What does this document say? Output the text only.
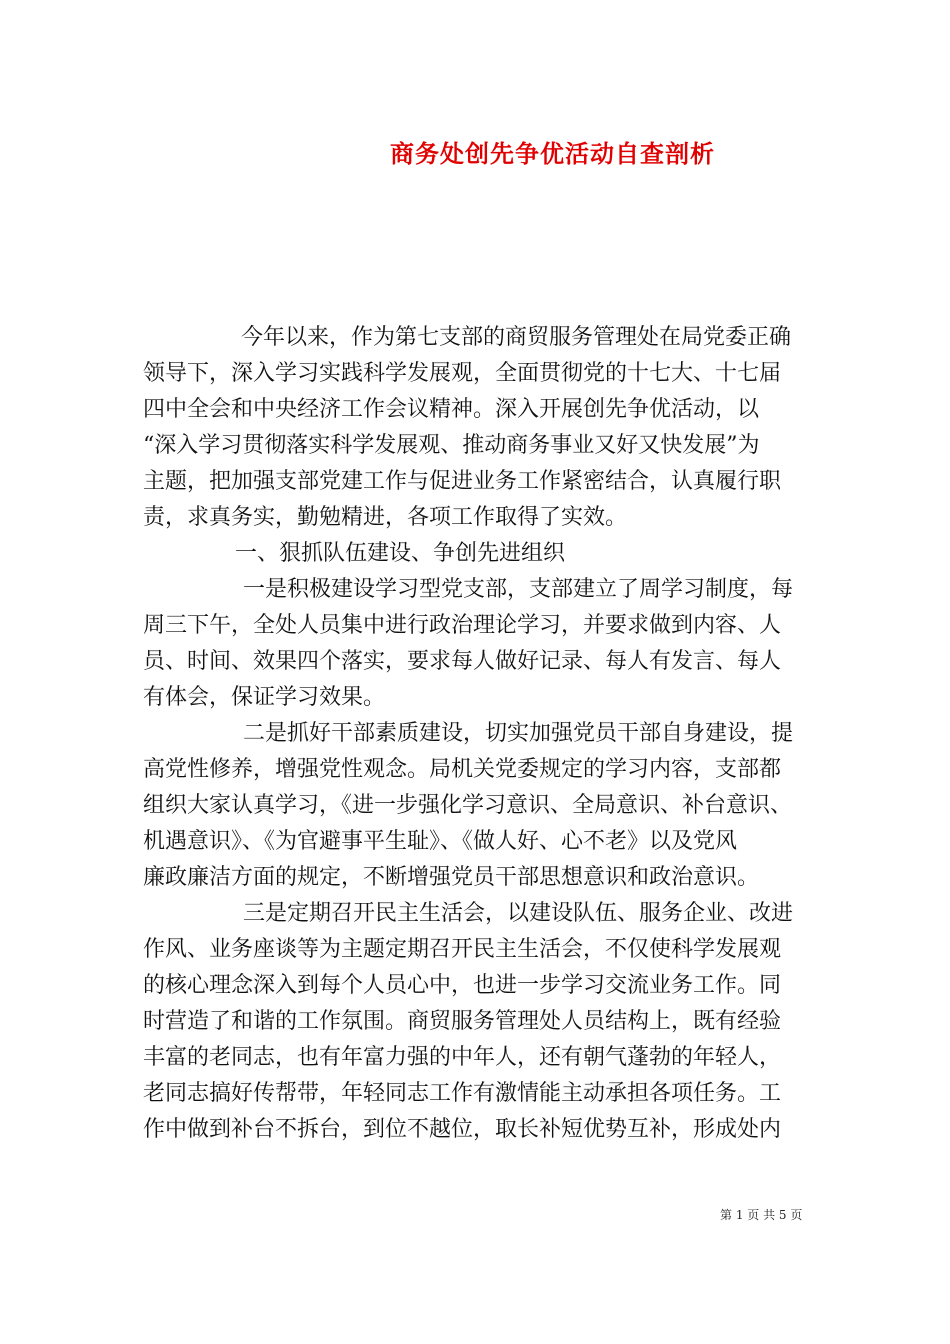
商务处创先争优活动自查剖析
今年以来，作为第七支部的商贸服务管理处在局党委正确
领导下，深入学习实践科学发展观，全面贯彻党的十七大、十七届
四中全会和中央经济工作会议精神。深入开展创先争优活动，以
“深入学习贯彻落实科学发展观、推动商务事业又好又快发展”为
主题，把加强支部党建工作与促进业务工作紧密结合，认真履行职
责，求真务实，勤勉精进，各项工作取得了实效。
一、狠抓队伍建设、争创先进组织
一是积极建设学习型党支部，支部建立了周学习制度，每
周三下午，全处人员集中进行政治理论学习，并要求做到内容、人
员、时间、效果四个落实，要求每人做好记录、每人有发言、每人
有体会，保证学习效果。
二是抓好干部素质建设，切实加强党员干部自身建设，提
高党性修养，增强党性观念。局机关党委规定的学习内容，支部都
组织大家认真学习，《进一步强化学习意识、全局意识、补台意识、
机遇意识》、《为官避事平生耻》、《做人好、心不老》以及党风
廉政廉洁方面的规定，不断增强党员干部思想意识和政治意识。
三是定期召开民主生活会，以建设队伍、服务企业、改进
作风、业务座谈等为主题定期召开民主生活会，不仅使科学发展观
的核心理念深入到每个人员心中，也进一步学习交流业务工作。同
时营造了和谐的工作氛围。商贸服务管理处人员结构上，既有经验
丰富的老同志，也有年富力强的中年人，还有朝气蓬勃的年轻人，
老同志搞好传帮带，年轻同志工作有激情能主动承担各项任务。工
作中做到补台不拆台，到位不越位，取长补短优势互补，形成处内
第 1 页 共 5 页
